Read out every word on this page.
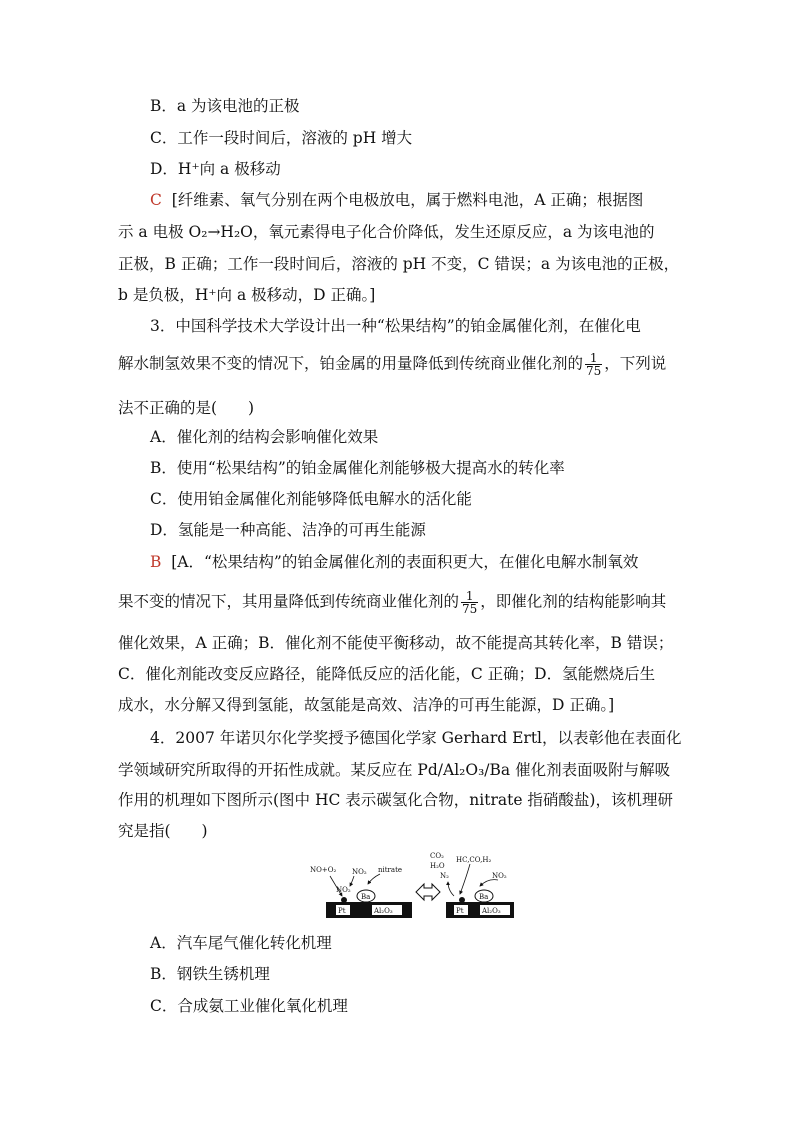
B．a 为该电池的正极
C．工作一段时间后，溶液的 pH 增大
D．H⁺向 a 极移动
C [纤维素、氧气分别在两个电极放电，属于燃料电池，A 正确；根据图
示 a 电极 O₂→H₂O，氧元素得电子化合价降低，发生还原反应，a 为该电池的
正极，B 正确；工作一段时间后，溶液的 pH 不变，C 错误；a 为该电池的正极，
b 是负极，H⁺向 a 极移动，D 正确。]
3．中国科学技术大学设计出一种“松果结构”的铂金属催化剂，在催化电
解水制氢效果不变的情况下，铂金属的用量降低到传统商业催化剂的 $\frac{1}{75}$ ，下列说
法不正确的是(　　)
A．催化剂的结构会影响催化效果
B．使用“松果结构”的铂金属催化剂能够极大提高水的转化率
C．使用铂金属催化剂能够降低电解水的活化能
D．氢能是一种高能、洁净的可再生能源
B [A．“松果结构”的铂金属催化剂的表面积更大，在催化电解水制氧效
果不变的情况下，其用量降低到传统商业催化剂的 $\frac{1}{75}$ ，即催化剂的结构能影响其
催化效果，A 正确；B．催化剂不能使平衡移动，故不能提高其转化率，B 错误；
C．催化剂能改变反应路径，能降低反应的活化能，C 正确；D．氢能燃烧后生
成水，水分解又得到氢能，故氢能是高效、洁净的可再生能源，D 正确。]
4．2007 年诺贝尔化学奖授予德国化学家 Gerhard Ertl，以表彰他在表面化
学领域研究所取得的开拓性成就。某反应在 Pd/Al₂O₃/Ba 催化剂表面吸附与解吸
作用的机理如下图所示(图中 HC 表示碳氢化合物，nitrate 指硝酸盐)，该机理研
究是指(　　)
NO+O₂ NO₂ nitrate
NO₂
Pt
Ba
Al₂O₃
CO₂
H₂O
N₂
HC,CO,H₂
NO₂
Pt
Ba
Al₂O₃
A．汽车尾气催化转化机理
B．钢铁生锈机理
C．合成氨工业催化氧化机理
